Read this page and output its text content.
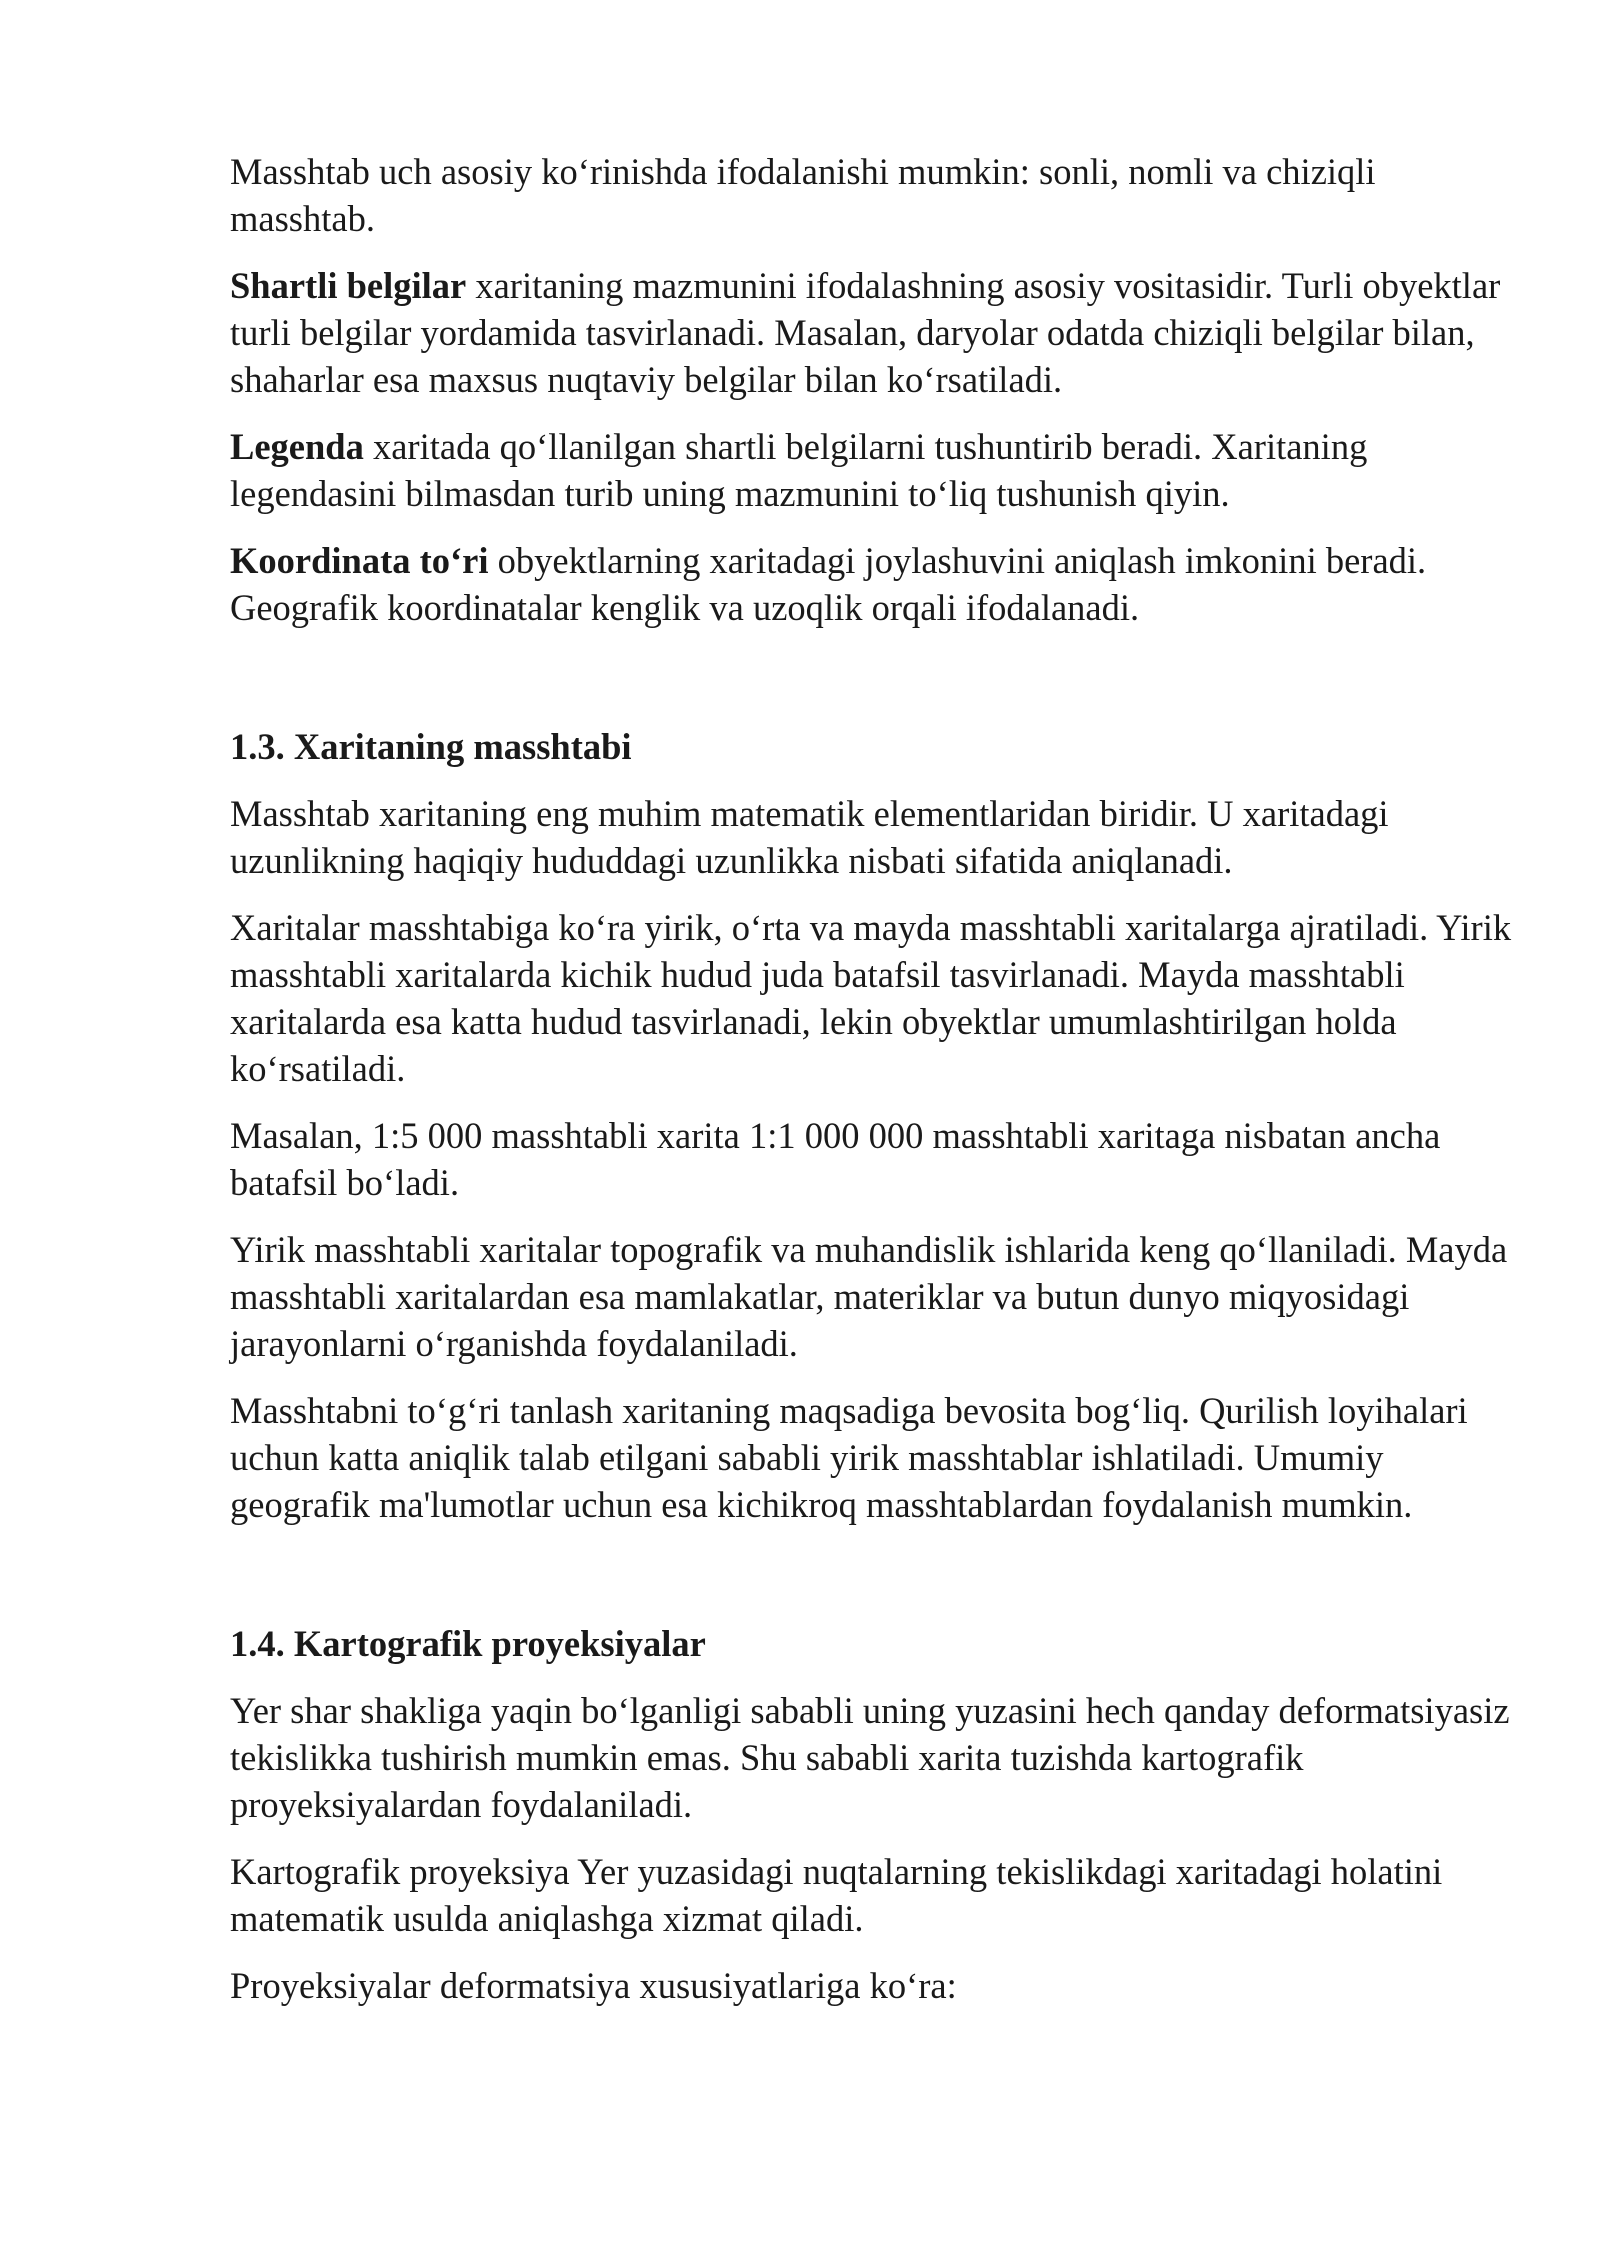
Masshtab uch asosiy koʻrinishda ifodalanishi mumkin: sonli, nomli va chiziqli masshtab.

Shartli belgilar xaritaning mazmunini ifodalashning asosiy vositasidir. Turli obyektlar turli belgilar yordamida tasvirlanadi. Masalan, daryolar odatda chiziqli belgilar bilan, shaharlar esa maxsus nuqtaviy belgilar bilan koʻrsatiladi.

Legenda xaritada qoʻllanilgan shartli belgilarni tushuntirib beradi. Xaritaning legendasini bilmasdan turib uning mazmunini toʻliq tushunish qiyin.

Koordinata toʻri obyektlarning xaritadagi joylashuvini aniqlash imkonini beradi. Geografik koordinatalar kenglik va uzoqlik orqali ifodalanadi.

1.3. Xaritaning masshtabi

Masshtab xaritaning eng muhim matematik elementlaridan biridir. U xaritadagi uzunlikning haqiqiy hududdagi uzunlikka nisbati sifatida aniqlanadi.

Xaritalar masshtabiga koʻra yirik, oʻrta va mayda masshtabli xaritalarga ajratiladi. Yirik masshtabli xaritalarda kichik hudud juda batafsil tasvirlanadi. Mayda masshtabli xaritalarda esa katta hudud tasvirlanadi, lekin obyektlar umumlashtirilgan holda koʻrsatiladi.

Masalan, 1:5 000 masshtabli xarita 1:1 000 000 masshtabli xaritaga nisbatan ancha batafsil boʻladi.

Yirik masshtabli xaritalar topografik va muhandislik ishlarida keng qoʻllaniladi. Mayda masshtabli xaritalardan esa mamlakatlar, materiklar va butun dunyo miqyosidagi jarayonlarni oʻrganishda foydalaniladi.

Masshtabni toʻgʻri tanlash xaritaning maqsadiga bevosita bogʻliq. Qurilish loyihalari uchun katta aniqlik talab etilgani sababli yirik masshtablar ishlatiladi. Umumiy geografik ma'lumotlar uchun esa kichikroq masshtablardan foydalanish mumkin.

1.4. Kartografik proyeksiyalar

Yer shar shakliga yaqin boʻlganligi sababli uning yuzasini hech qanday deformatsiyasiz tekislikka tushirish mumkin emas. Shu sababli xarita tuzishda kartografik proyeksiyalardan foydalaniladi.

Kartografik proyeksiya Yer yuzasidagi nuqtalarning tekislikdagi xaritadagi holatini matematik usulda aniqlashga xizmat qiladi.

Proyeksiyalar deformatsiya xususiyatlariga koʻra:
